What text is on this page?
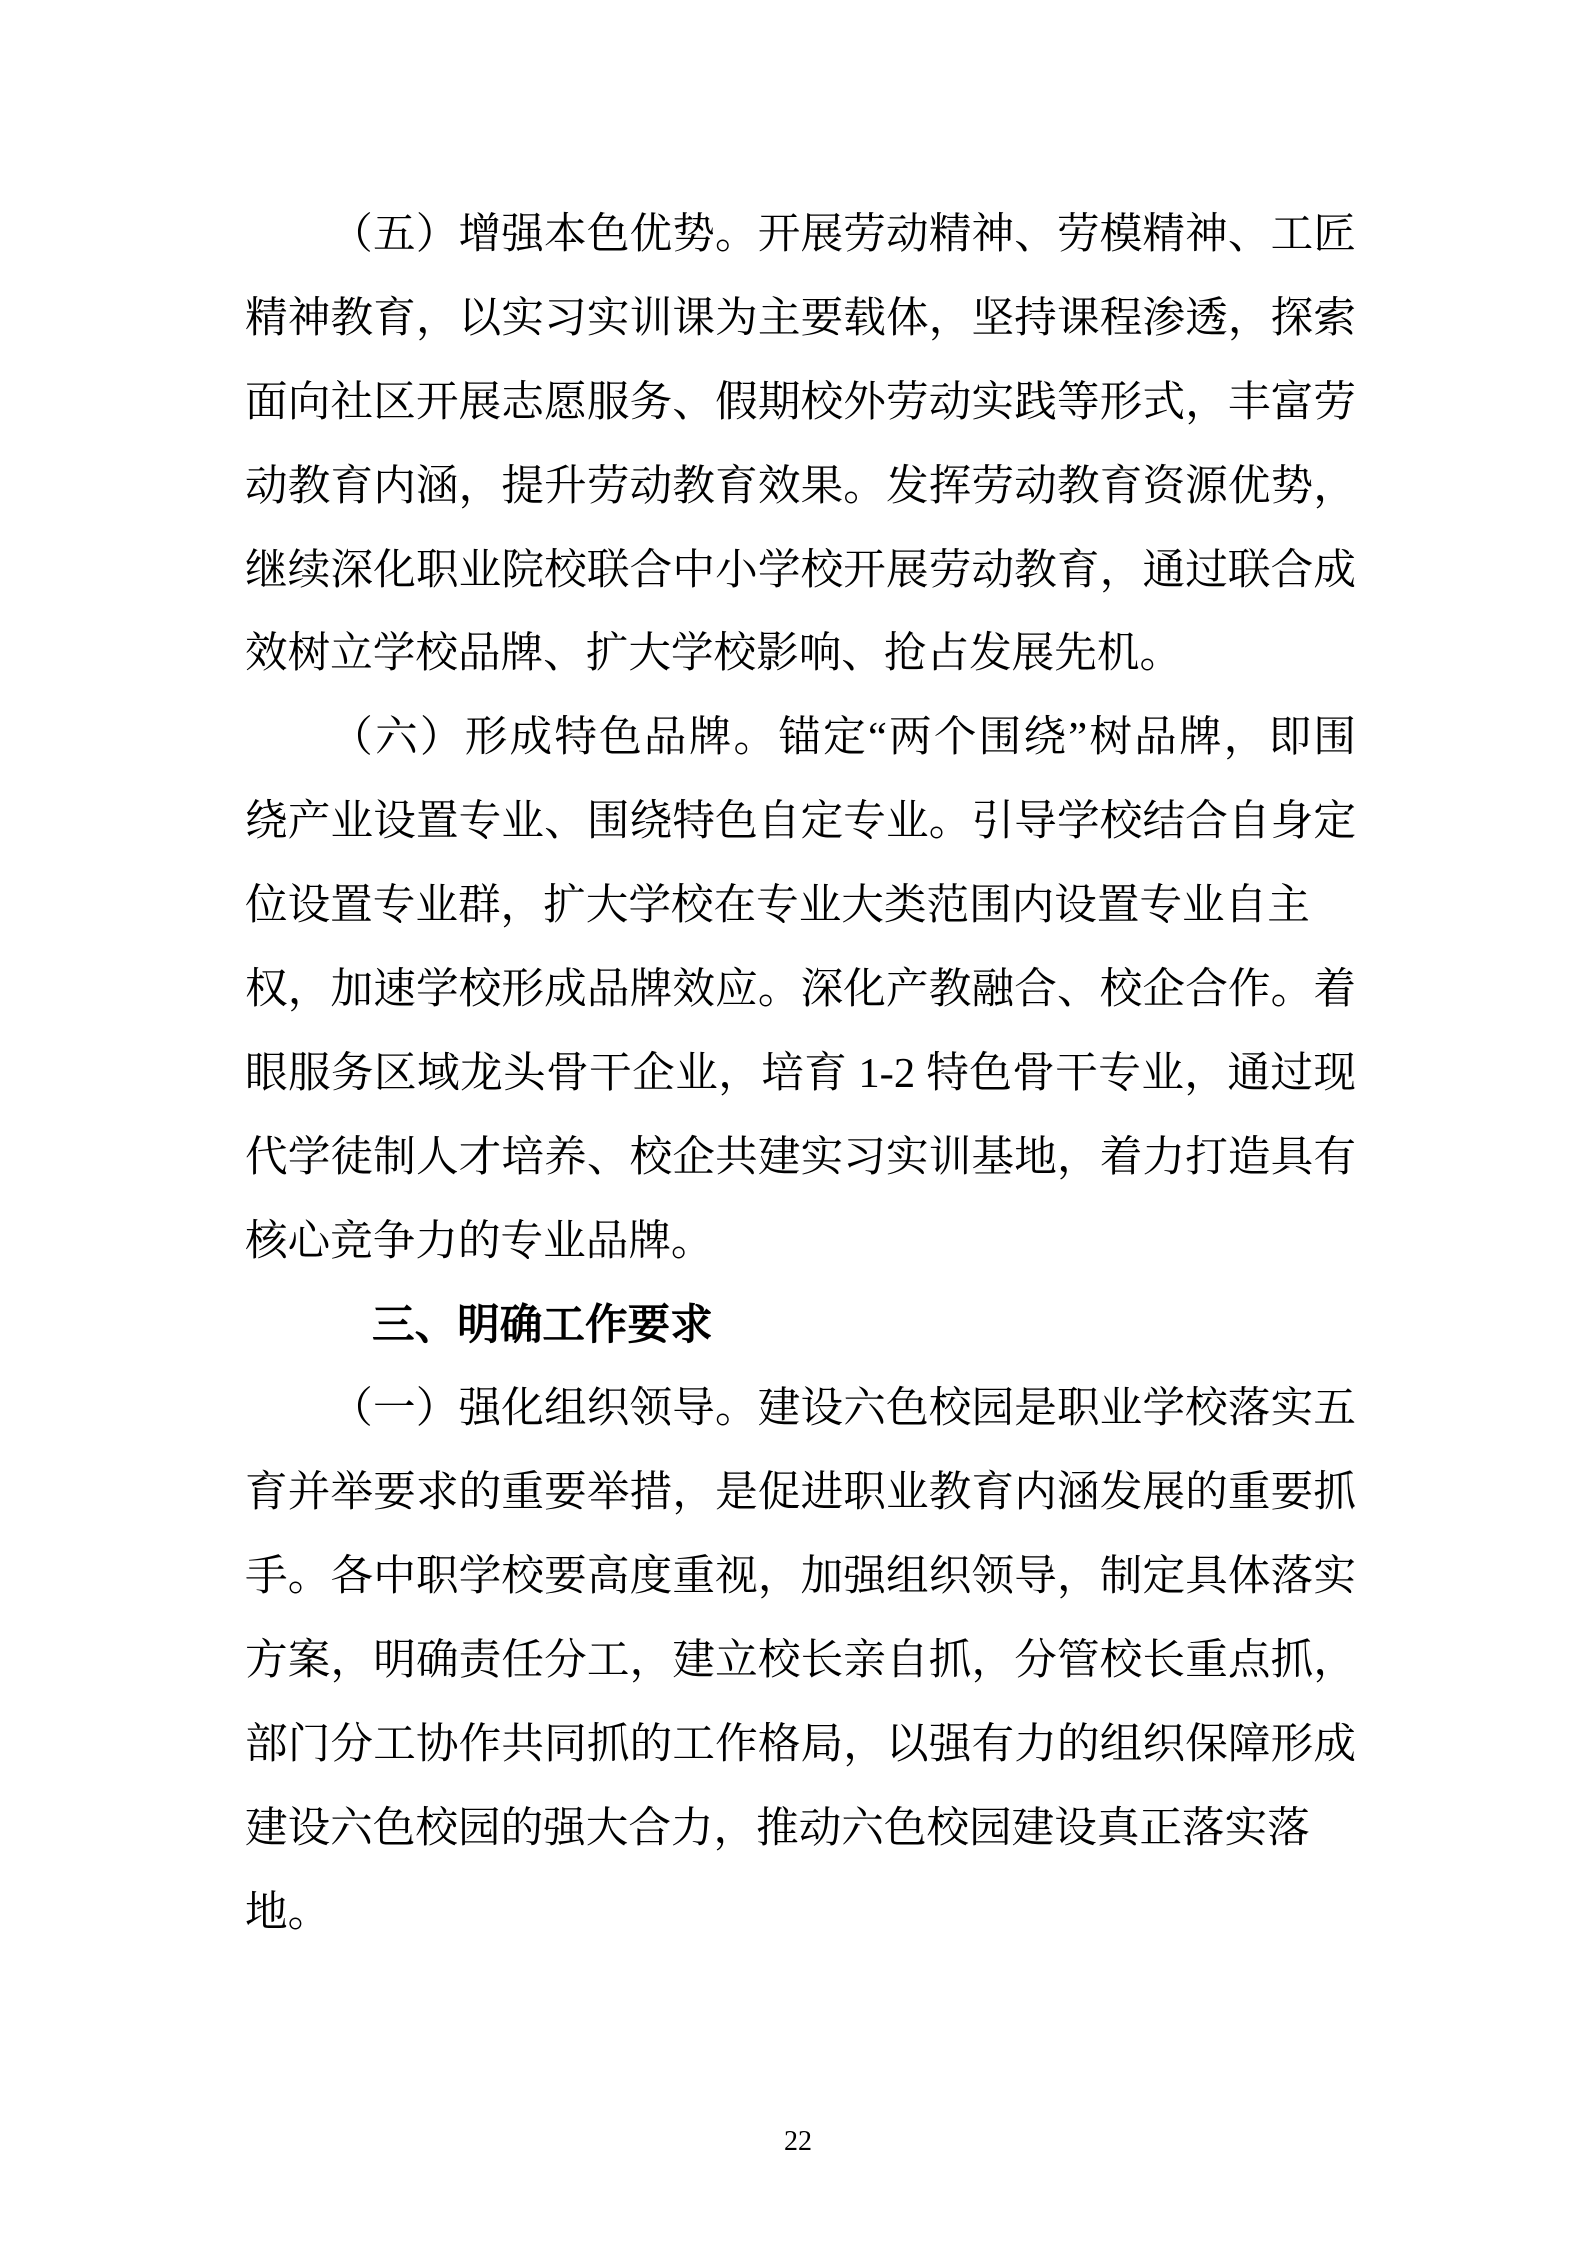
（五）增强本色优势。开展劳动精神、劳模精神、工匠
精神教育，以实习实训课为主要载体，坚持课程渗透，探索
面向社区开展志愿服务、假期校外劳动实践等形式，丰富劳
动教育内涵，提升劳动教育效果。发挥劳动教育资源优势，
继续深化职业院校联合中小学校开展劳动教育，通过联合成
效树立学校品牌、扩大学校影响、抢占发展先机。
（六）形成特色品牌。锚定“两个围绕”树品牌，即围
绕产业设置专业、围绕特色自定专业。引导学校结合自身定
位设置专业群，扩大学校在专业大类范围内设置专业自主
权，加速学校形成品牌效应。深化产教融合、校企合作。着
眼服务区域龙头骨干企业，培育 1-2 特色骨干专业，通过现
代学徒制人才培养、校企共建实习实训基地，着力打造具有
核心竞争力的专业品牌。
三、明确工作要求
（一）强化组织领导。建设六色校园是职业学校落实五
育并举要求的重要举措，是促进职业教育内涵发展的重要抓
手。各中职学校要高度重视，加强组织领导，制定具体落实
方案，明确责任分工，建立校长亲自抓，分管校长重点抓，
部门分工协作共同抓的工作格局，以强有力的组织保障形成
建设六色校园的强大合力，推动六色校园建设真正落实落
地。
22
